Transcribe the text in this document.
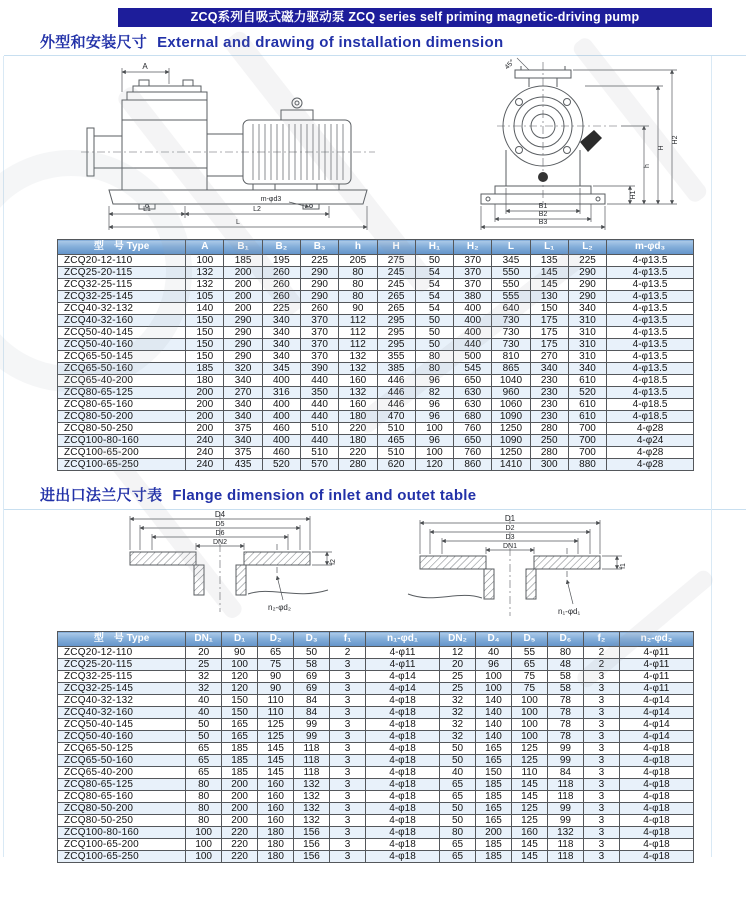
ZCQ系列自吸式磁力驱动泵 ZCQ series self priming magnetic-driving pump
外型和安装尺寸 External and drawing of installation dimension
A
L1	L2
L
m-φd3
45°
H2
H
h
H1
B1
B2
B3
型　号 Type	A	B₁	B₂	B₃	h	H	H₁	H₂	L	L₁	L₂	m-φd₃
ZCQ20-12-110	100	185	195	225	205	275	50	370	345	135	225	4-φ13.5
ZCQ25-20-115	132	200	260	290	80	245	54	370	550	145	290	4-φ13.5
ZCQ32-25-115	132	200	260	290	80	245	54	370	550	145	290	4-φ13.5
ZCQ32-25-145	105	200	260	290	80	265	54	380	555	130	290	4-φ13.5
ZCQ40-32-132	140	200	225	260	90	265	54	400	640	150	340	4-φ13.5
ZCQ40-32-160	150	290	340	370	112	295	50	400	730	175	310	4-φ13.5
ZCQ50-40-145	150	290	340	370	112	295	50	400	730	175	310	4-φ13.5
ZCQ50-40-160	150	290	340	370	112	295	50	440	730	175	310	4-φ13.5
ZCQ65-50-145	150	290	340	370	132	355	80	500	810	270	310	4-φ13.5
ZCQ65-50-160	185	320	345	390	132	385	80	545	865	340	340	4-φ13.5
ZCQ65-40-200	180	340	400	440	160	446	96	650	1040	230	610	4-φ18.5
ZCQ80-65-125	200	270	316	350	132	446	82	630	960	230	520	4-φ13.5
ZCQ80-65-160	200	340	400	440	160	446	96	630	1060	230	610	4-φ18.5
ZCQ80-50-200	200	340	400	440	180	470	96	680	1090	230	610	4-φ18.5
ZCQ80-50-250	200	375	460	510	220	510	100	760	1250	280	700	4-φ28
ZCQ100-80-160	240	340	400	440	180	465	96	650	1090	250	700	4-φ24
ZCQ100-65-200	240	375	460	510	220	510	100	760	1250	280	700	4-φ28
ZCQ100-65-250	240	435	520	570	280	620	120	860	1410	300	880	4-φ28
进出口法兰尺寸表 Flange dimension of inlet and outet table
D4
D5
D6
DN2
f2
n₂-φd₂
D1
D2
D3
DN1
f1
n₁-φd₁
型　号 Type	DN₁	D₁	D₂	D₃	f₁	n₁-φd₁	DN₂	D₄	D₅	D₆	f₂	n₂-φd₂
ZCQ20-12-110	20	90	65	50	2	4-φ11	12	40	55	80	2	4-φ11
ZCQ25-20-115	25	100	75	58	3	4-φ11	20	96	65	48	2	4-φ11
ZCQ32-25-115	32	120	90	69	3	4-φ14	25	100	75	58	3	4-φ11
ZCQ32-25-145	32	120	90	69	3	4-φ14	25	100	75	58	3	4-φ11
ZCQ40-32-132	40	150	110	84	3	4-φ18	32	140	100	78	3	4-φ14
ZCQ40-32-160	40	150	110	84	3	4-φ18	32	140	100	78	3	4-φ14
ZCQ50-40-145	50	165	125	99	3	4-φ18	32	140	100	78	3	4-φ14
ZCQ50-40-160	50	165	125	99	3	4-φ18	32	140	100	78	3	4-φ14
ZCQ65-50-125	65	185	145	118	3	4-φ18	50	165	125	99	3	4-φ18
ZCQ65-50-160	65	185	145	118	3	4-φ18	50	165	125	99	3	4-φ18
ZCQ65-40-200	65	185	145	118	3	4-φ18	40	150	110	84	3	4-φ18
ZCQ80-65-125	80	200	160	132	3	4-φ18	65	185	145	118	3	4-φ18
ZCQ80-65-160	80	200	160	132	3	4-φ18	65	185	145	118	3	4-φ18
ZCQ80-50-200	80	200	160	132	3	4-φ18	50	165	125	99	3	4-φ18
ZCQ80-50-250	80	200	160	132	3	4-φ18	50	165	125	99	3	4-φ18
ZCQ100-80-160	100	220	180	156	3	4-φ18	80	200	160	132	3	4-φ18
ZCQ100-65-200	100	220	180	156	3	4-φ18	65	185	145	118	3	4-φ18
ZCQ100-65-250	100	220	180	156	3	4-φ18	65	185	145	118	3	4-φ18
